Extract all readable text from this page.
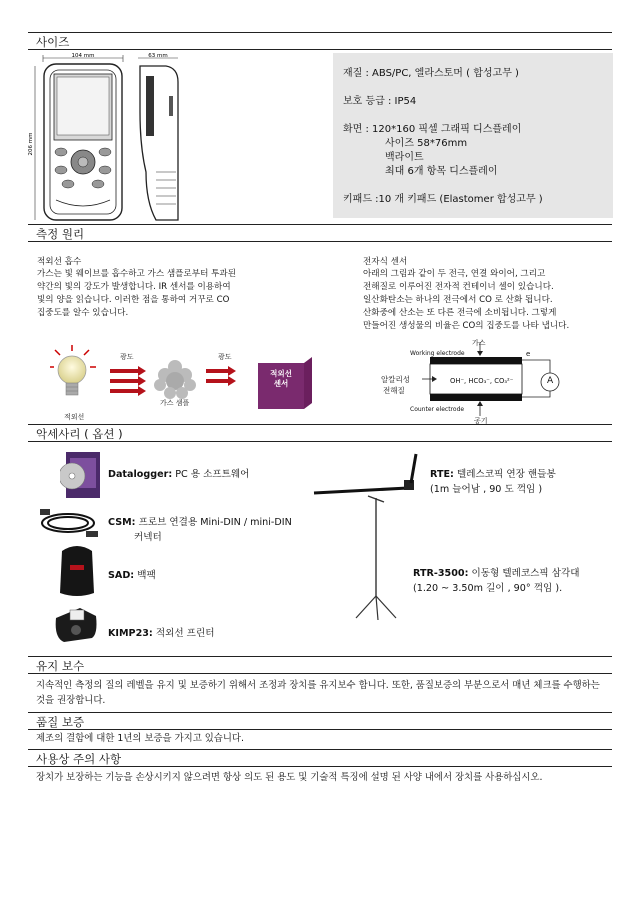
사이즈
104 mm	63 mm
206 mm
재질 : ABS/PC, 엘라스토머 ( 합성고무 )
보호 등급 : IP54
화면 : 120*160 픽셀 그래픽 디스플레이
사이즈 58*76mm
백라이트
최대 6개 항목 디스플레이
키패드 :10 개 키패드 (Elastomer 합성고무 )
측정 원리
적외선 흡수
가스는 빛 웨이브를 흡수하고 가스 샘플로부터 투과된
약간의 빛의 강도가 발생합니다. IR 센서를 이용하여
빛의 양을 읽습니다. 이러한 점을 통하여 거꾸로 CO
집중도를 알수 있습니다.
전자식 센서
아래의 그림과 같이 두 전극, 연결 와이어, 그리고
전해질로 이루어진 전자적 컨테이너 셀이 있습니다.
일산화탄소는 하나의 전극에서 CO 로 산화 됩니다.
산화중에 산소는 또 다른 전극에 소비됩니다. 그렇게
만들어진 생성물의 비율은 CO의 집중도를 나타 냅니다.
광도	광도
가스 샘플
적외선
적외선
센서
가스
Working electrode	e
알칼리성
전해질
OH⁻, HCO₃⁻, CO₃²⁻	A
Counter electrode
공기
악세사리 ( 옵션 )
Datalogger: PC 용 소프트웨어
CSM: 프로브 연결용 Mini-DIN / mini-DIN
커넥터
SAD: 백팩
KIMP23: 적외선 프린터
RTE: 텔레스코픽 연장 핸들봉
(1m 늘어남 , 90 도 꺽임 )
RTR-3500: 이동형 텔레코스픽 삼각대
(1.20 ~ 3.50m 길이 , 90° 꺽임 ).
유지 보수
지속적인 측정의 질의 레벨을 유지 및 보증하기 위해서 조정과 장치를 유지보수 합니다. 또한, 품질보증의 부분으로서 매년 체크를 수행하는 것을 권장합니다.
품질 보증
제조의 결함에 대한 1년의 보증을 가지고 있습니다.
사용상 주의 사항
장치가 보장하는 기능을 손상시키지 않으려면 항상 의도 된 용도 및 기술적 특징에 설명 된 사양 내에서 장치를 사용하십시오.
